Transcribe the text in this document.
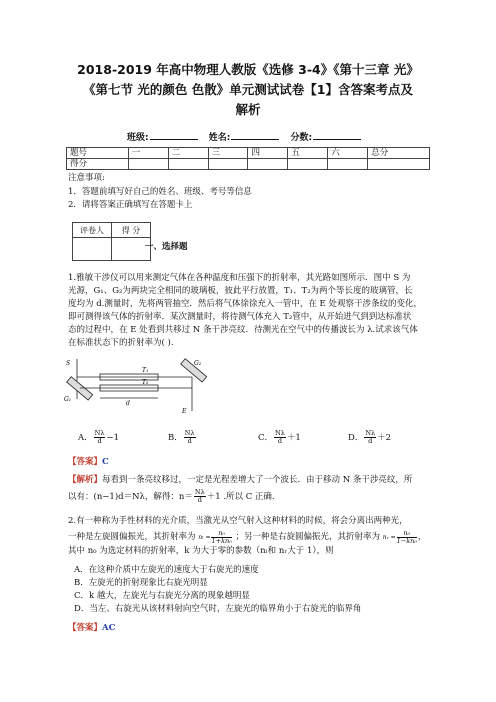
2018-2019 年高中物理人教版《选修 3-4》《第十三章 光》
《第七节 光的颜色 色散》单元测试试卷【1】含答案考点及
解析
班级:	姓名:	分数:
题号	一	二	三	四	五	六	总分
得分							
注意事项:
1．答题前填写好自己的姓名、班级、考号等信息
2．请将答案正确填写在答题卡上
评卷人	得 分

一、选择题
1.雅敏干涉仪可以用来测定气体在各种温度和压强下的折射率，其光路如图所示．图中 S 为
光源，G₁、G₂为两块完全相同的玻璃板，彼此平行放置，T₁、T₂为两个等长度的玻璃管，长
度均为 d.测量时，先将两管抽空．然后将气体徐徐充入一管中，在 E 处观察干涉条纹的变化，
即可测得该气体的折射率．某次测量时，将待测气体充入 T₂管中，从开始进气到到达标准状
态的过程中，在 E 处看到共移过 N 条干涉亮纹．待测光在空气中的传播波长为 λ.试求该气体
在标准状态下的折射率为( ).
S
G₁
G₂
T₁
T₂
d
E
A． $\frac{N\lambda}{d} -1$	B． $\frac{N\lambda}{d}$	C． $\frac{N\lambda}{d} +1$	D． $\frac{N\lambda}{d} +2$
【答案】C
【解析】每看到一条亮纹移过，一定是光程差增大了一个波长．由于移动 N 条干涉亮纹，所
以有：(n−1)d＝Nλ，解得：$n= \frac{N\lambda}{d} +1$ .所以 C 正确.
2.有一种称为手性材料的光介质，当激光从空气射入这种材料的时候，将会分离出两种光，
一种是左旋圆偏振光，其折射率为 $n_l = \frac{\text{n₀}}{\text{1+kn₀}}$ ；另一种是右旋圆偏振光，其折射率为 nᵣ = $\frac{\text{n₀}}{\text{1−kn₀}}$ ，
其中 n₀ 为选定材料的折射率，k 为大于零的参数（nₗ和 nᵣ大于 1），则
A．在这种介质中左旋光的速度大于右旋光的速度
B．左旋光的折射现象比右旋光明显
C．k 越大，左旋光与右旋光分离的现象越明显
D．当左、右旋光从该材料射向空气时，左旋光的临界角小于右旋光的临界角
【答案】AC
